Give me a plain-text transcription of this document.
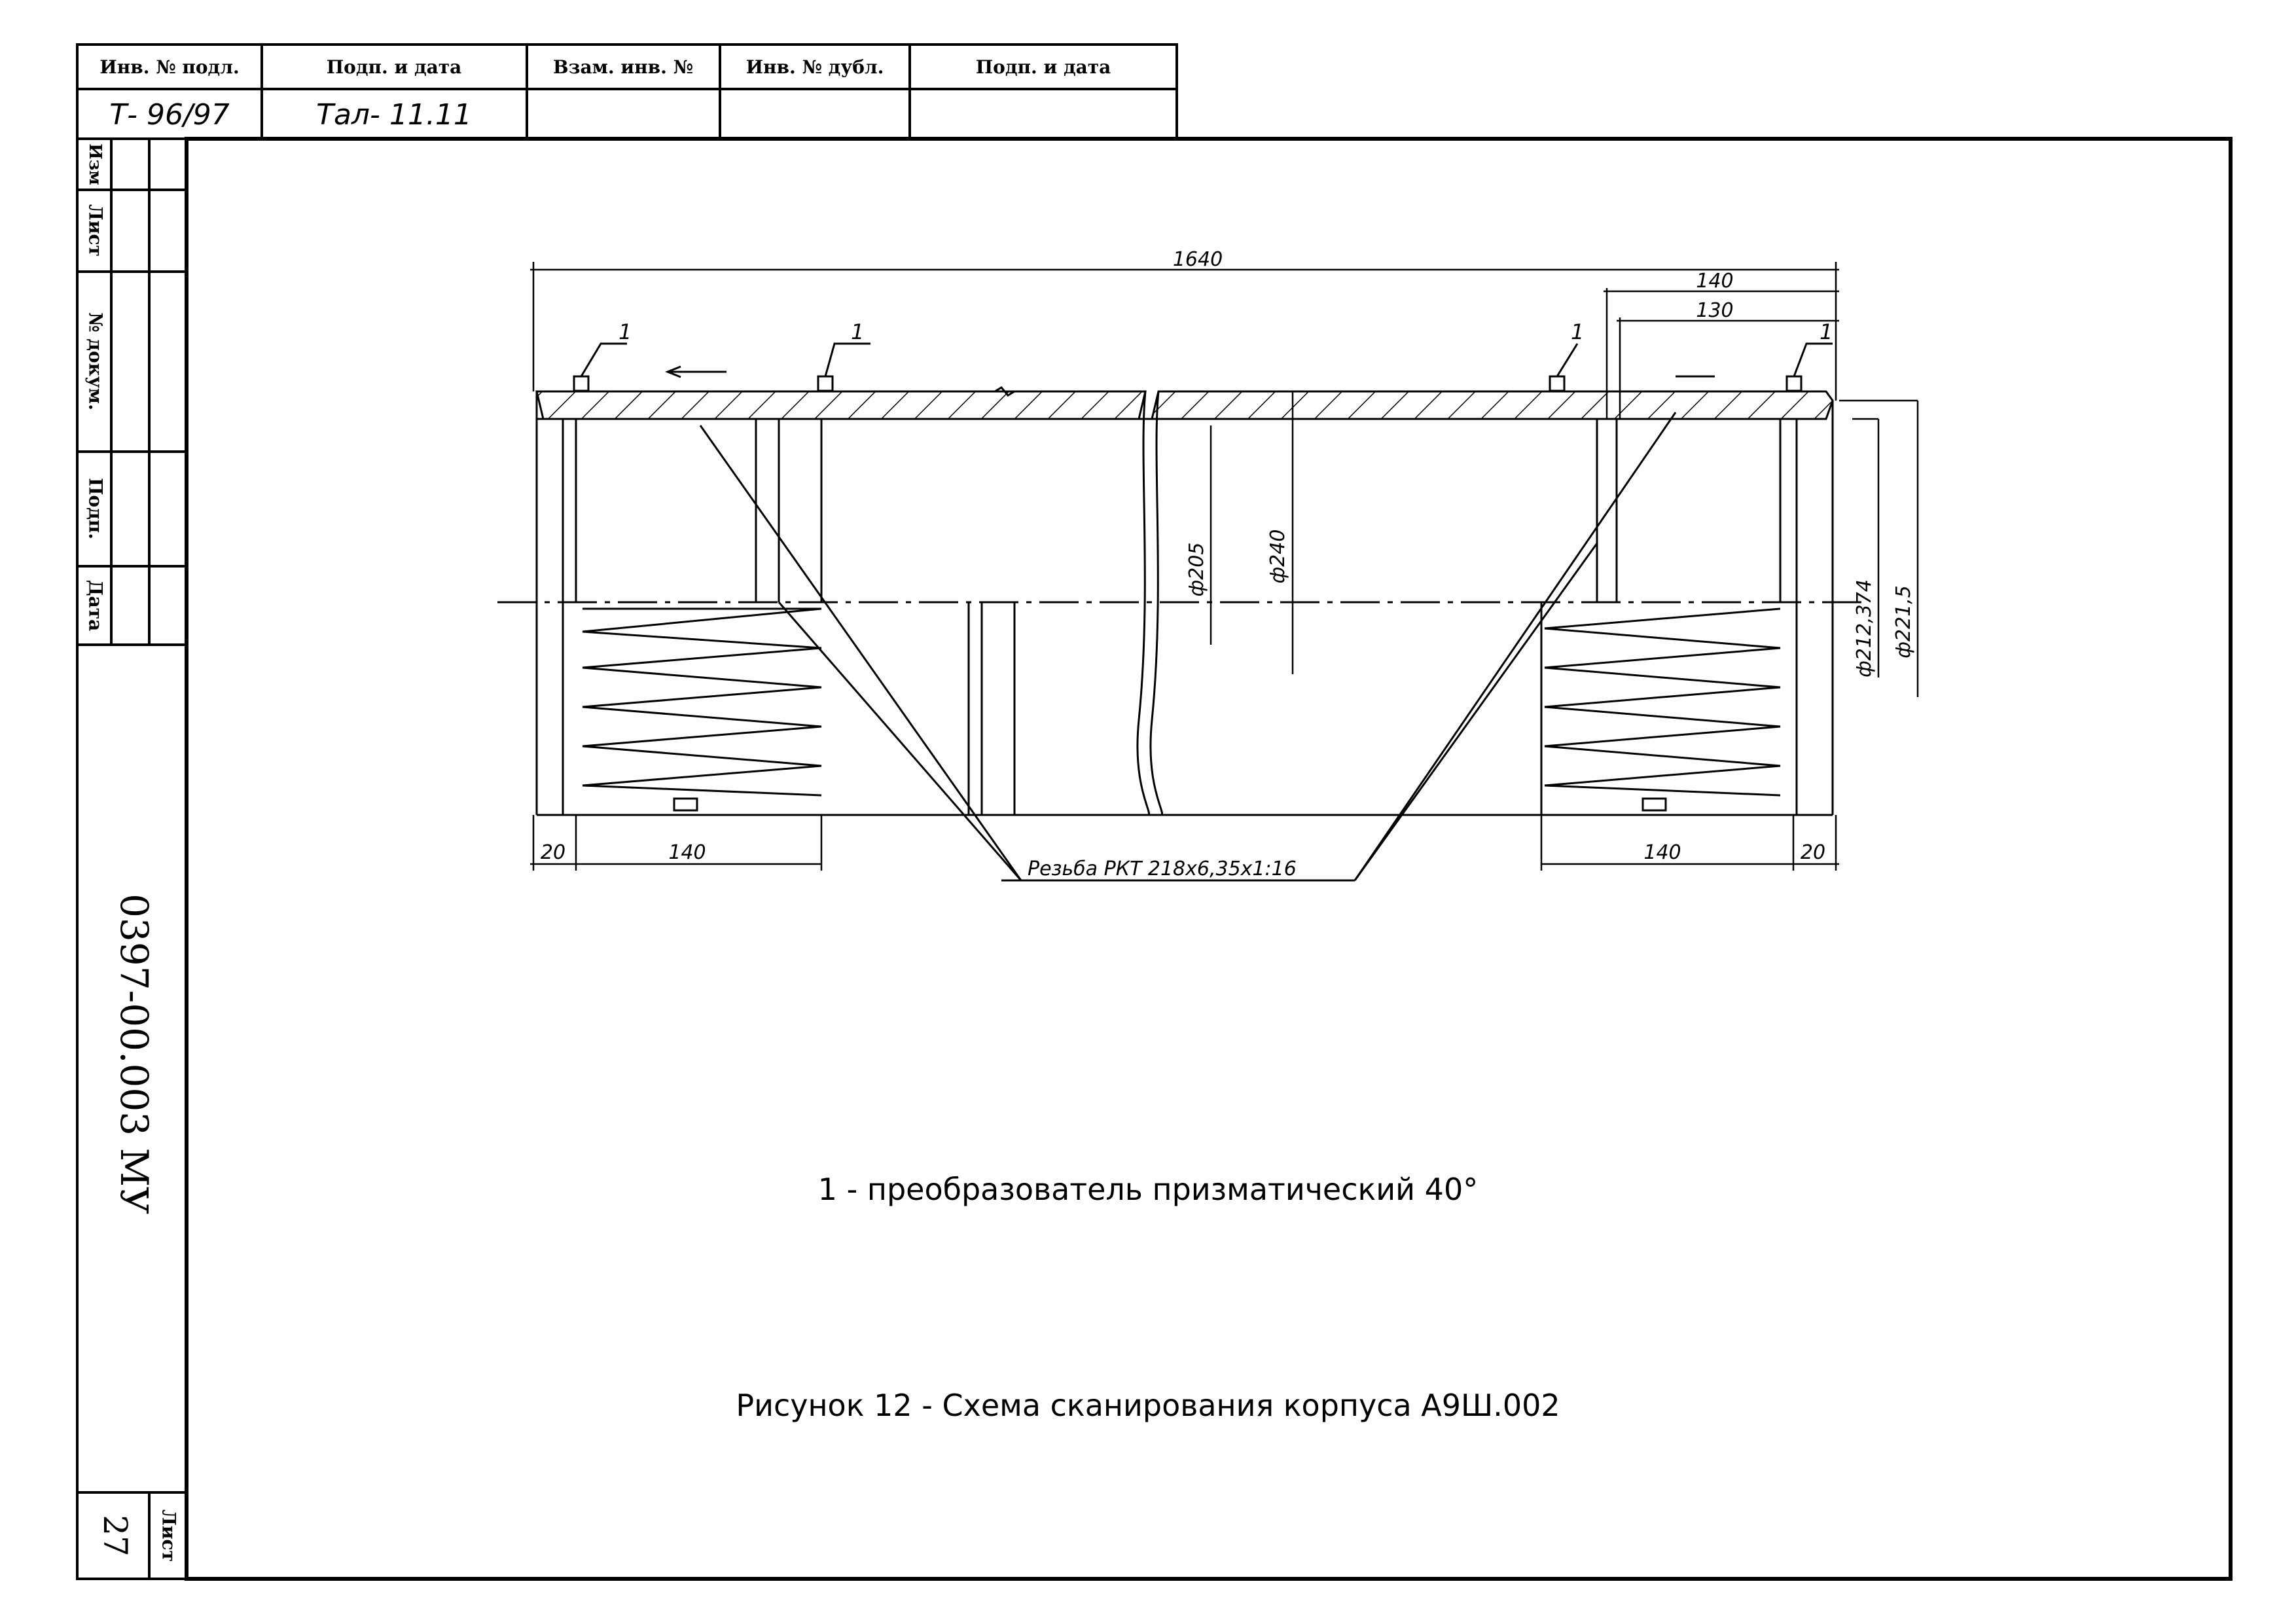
Инв. № подл.	Подп. и дата	Взам. инв. №	Инв. № дубл.	Подп. и дата
Т- 96/97	Тал- 11.11
Изм
Лист
№ докум.
Подп.
Дата
0397-00.003 МУ
Лист
27
1	1	1	1
1640
140
130
20	140	140	20
ф205	ф240
ф212,374 ф221,5
Резьба РКТ 218х6,35х1:16
1 - преобразователь призматический 40°
Рисунок 12 - Схема сканирования корпуса А9Ш.002
